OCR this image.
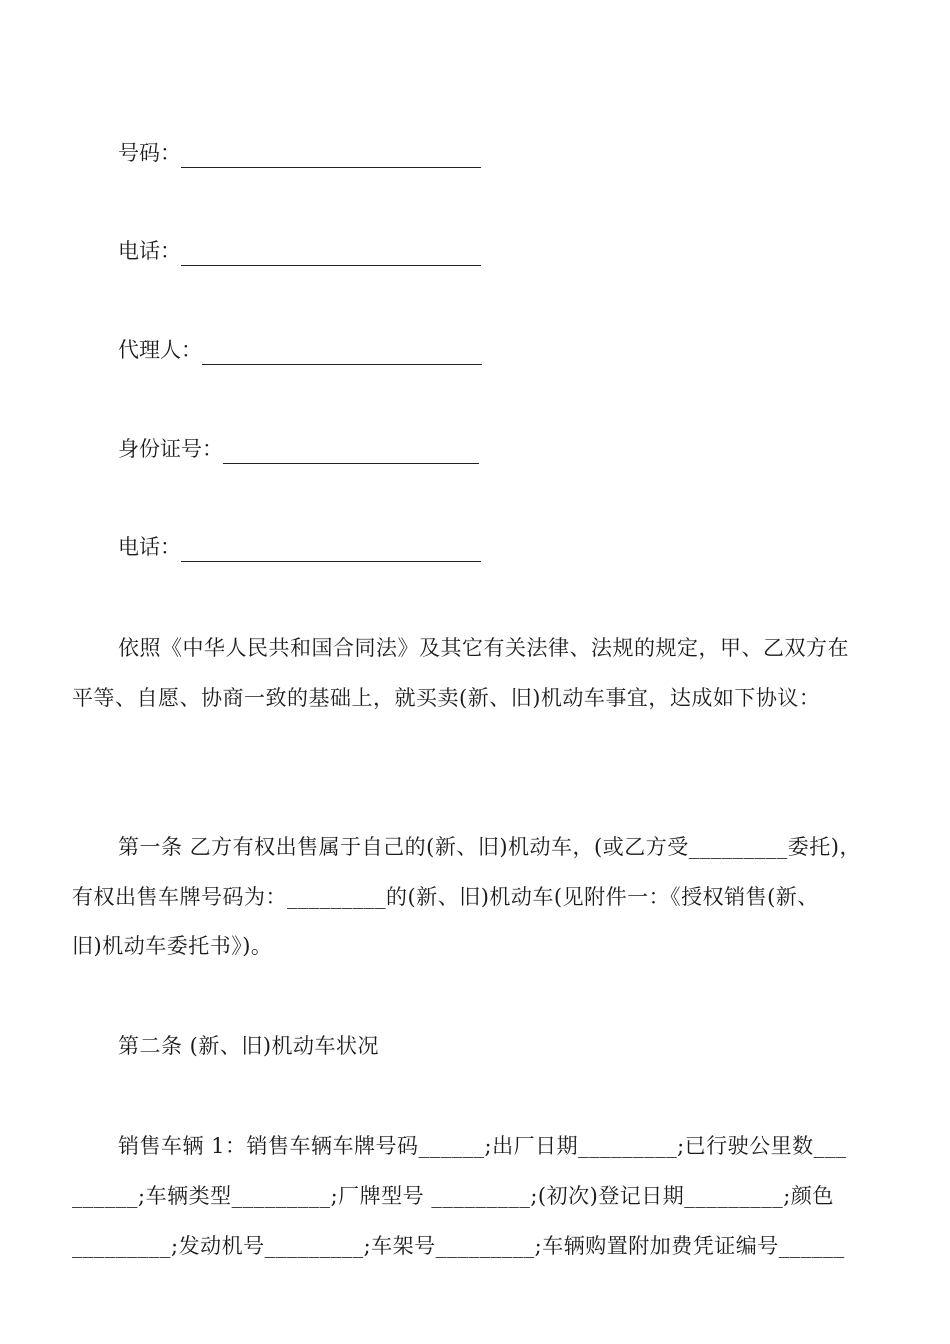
号码：
电话：
代理人：
身份证号：
电话：
依照《中华人民共和国合同法》及其它有关法律、法规的规定，甲、乙双方在
平等、自愿、协商一致的基础上，就买卖(新、旧)机动车事宜，达成如下协议：
第一条 乙方有权出售属于自己的(新、旧)机动车，(或乙方受_________委托)，
有权出售车牌号码为：_________的(新、旧)机动车(见附件一：《授权销售(新、
旧)机动车委托书》)。
第二条 (新、旧)机动车状况
销售车辆 1：销售车辆车牌号码______;出厂日期_________;已行驶公里数___
______;车辆类型_________;厂牌型号 _________;(初次)登记日期_________;颜色
_________;发动机号_________;车架号_________;车辆购置附加费凭证编号______
